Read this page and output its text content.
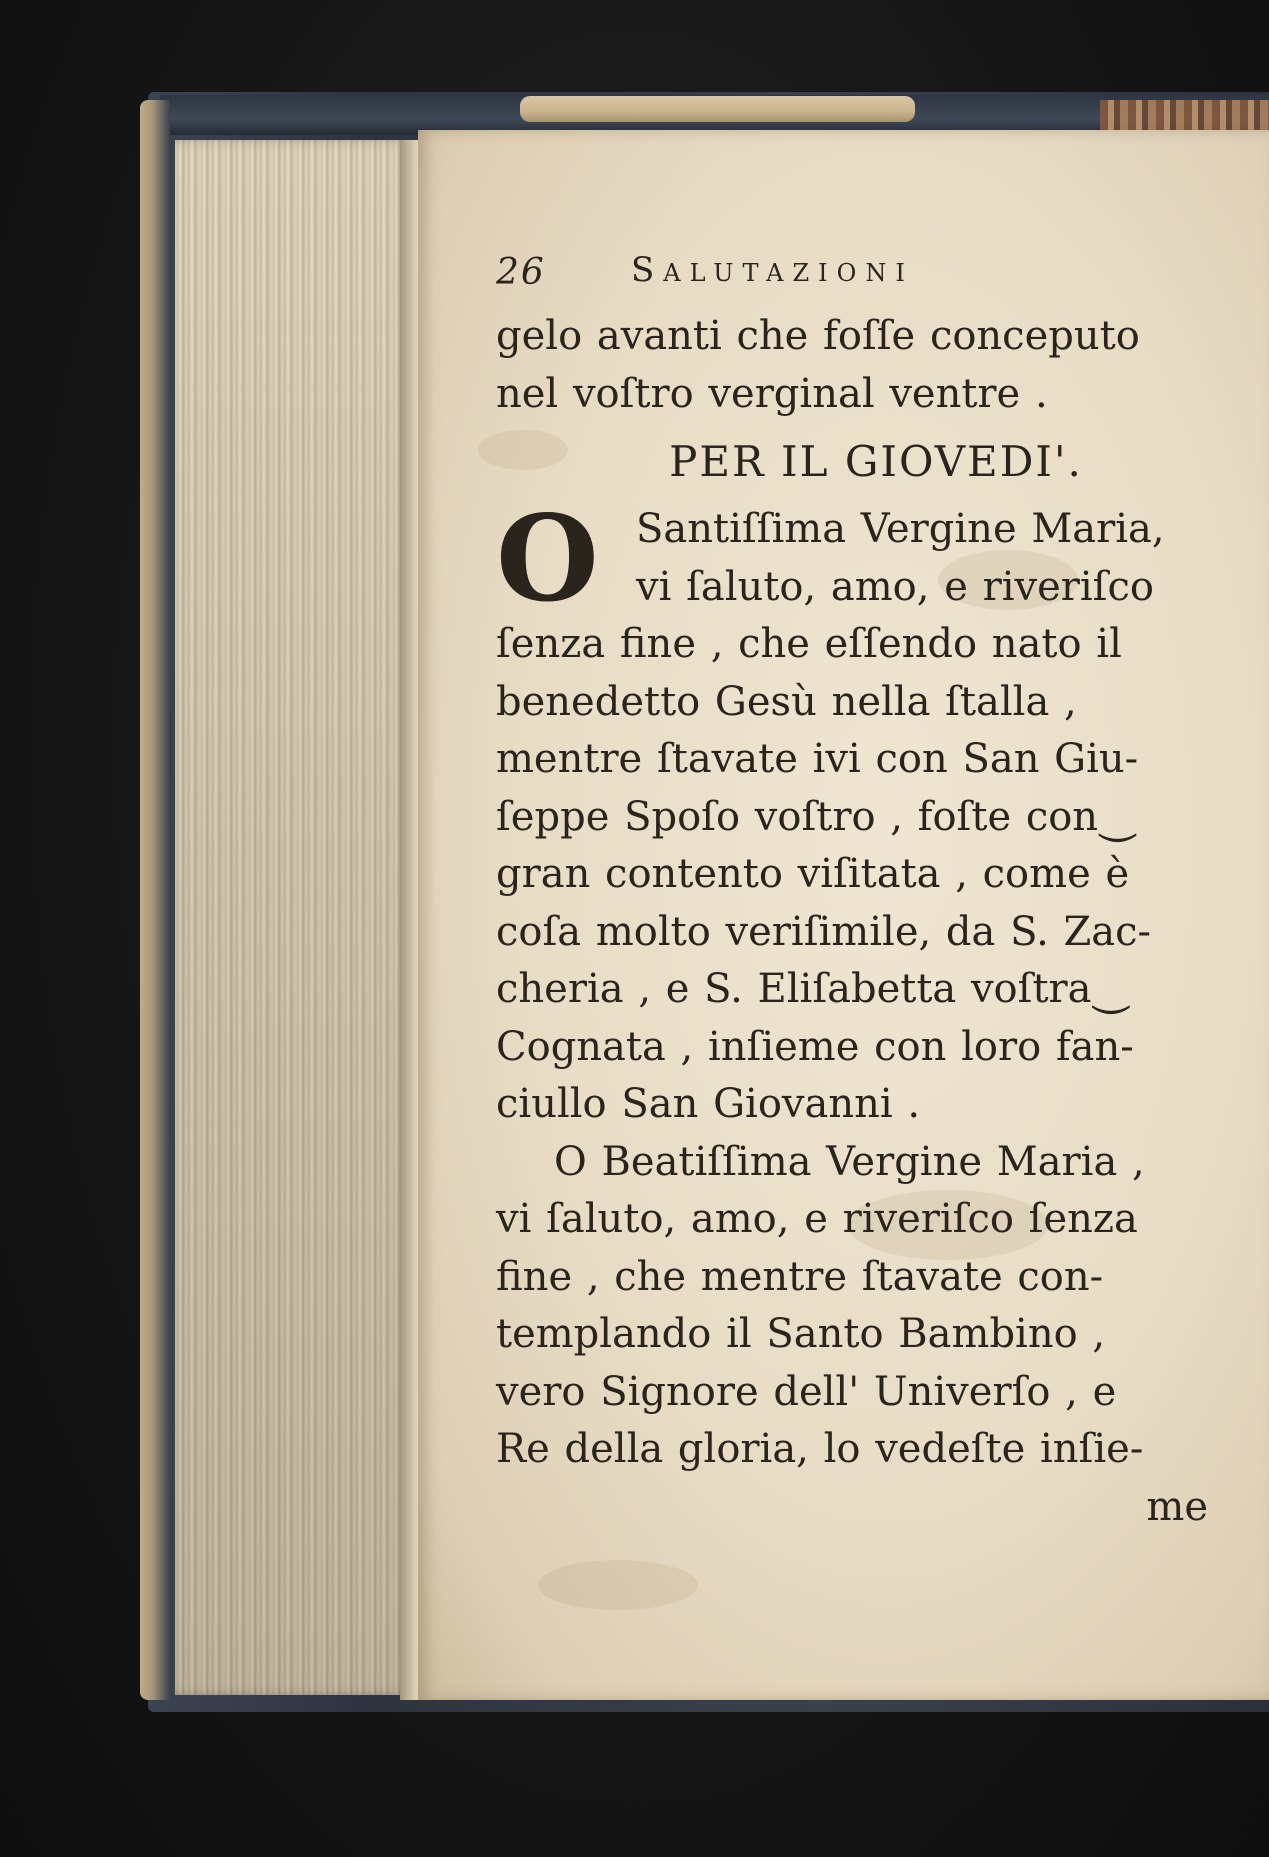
26	Salutazioni
gelo avanti che foſſe conceputo
nel voſtro verginal ventre .
PER IL GIOVEDI'.
O Santiſſima Vergine Maria,
vi ſaluto, amo, e riveriſco
ſenza fine , che eſſendo nato il
benedetto Gesù nella ſtalla ,
mentre ſtavate ivi con San Giu-
ſeppe Spoſo voſtro , foſte con⏝
gran contento viſitata , come è
coſa molto veriſimile, da S. Zac-
cheria , e S. Eliſabetta voſtra⏝
Cognata , inſieme con loro fan-
ciullo San Giovanni .
O Beatiſſima Vergine Maria ,
vi ſaluto, amo, e riveriſco ſenza
fine , che mentre ſtavate con-
templando il Santo Bambino ,
vero Signore dell' Univerſo , e
Re della gloria, lo vedeſte inſie-
me
